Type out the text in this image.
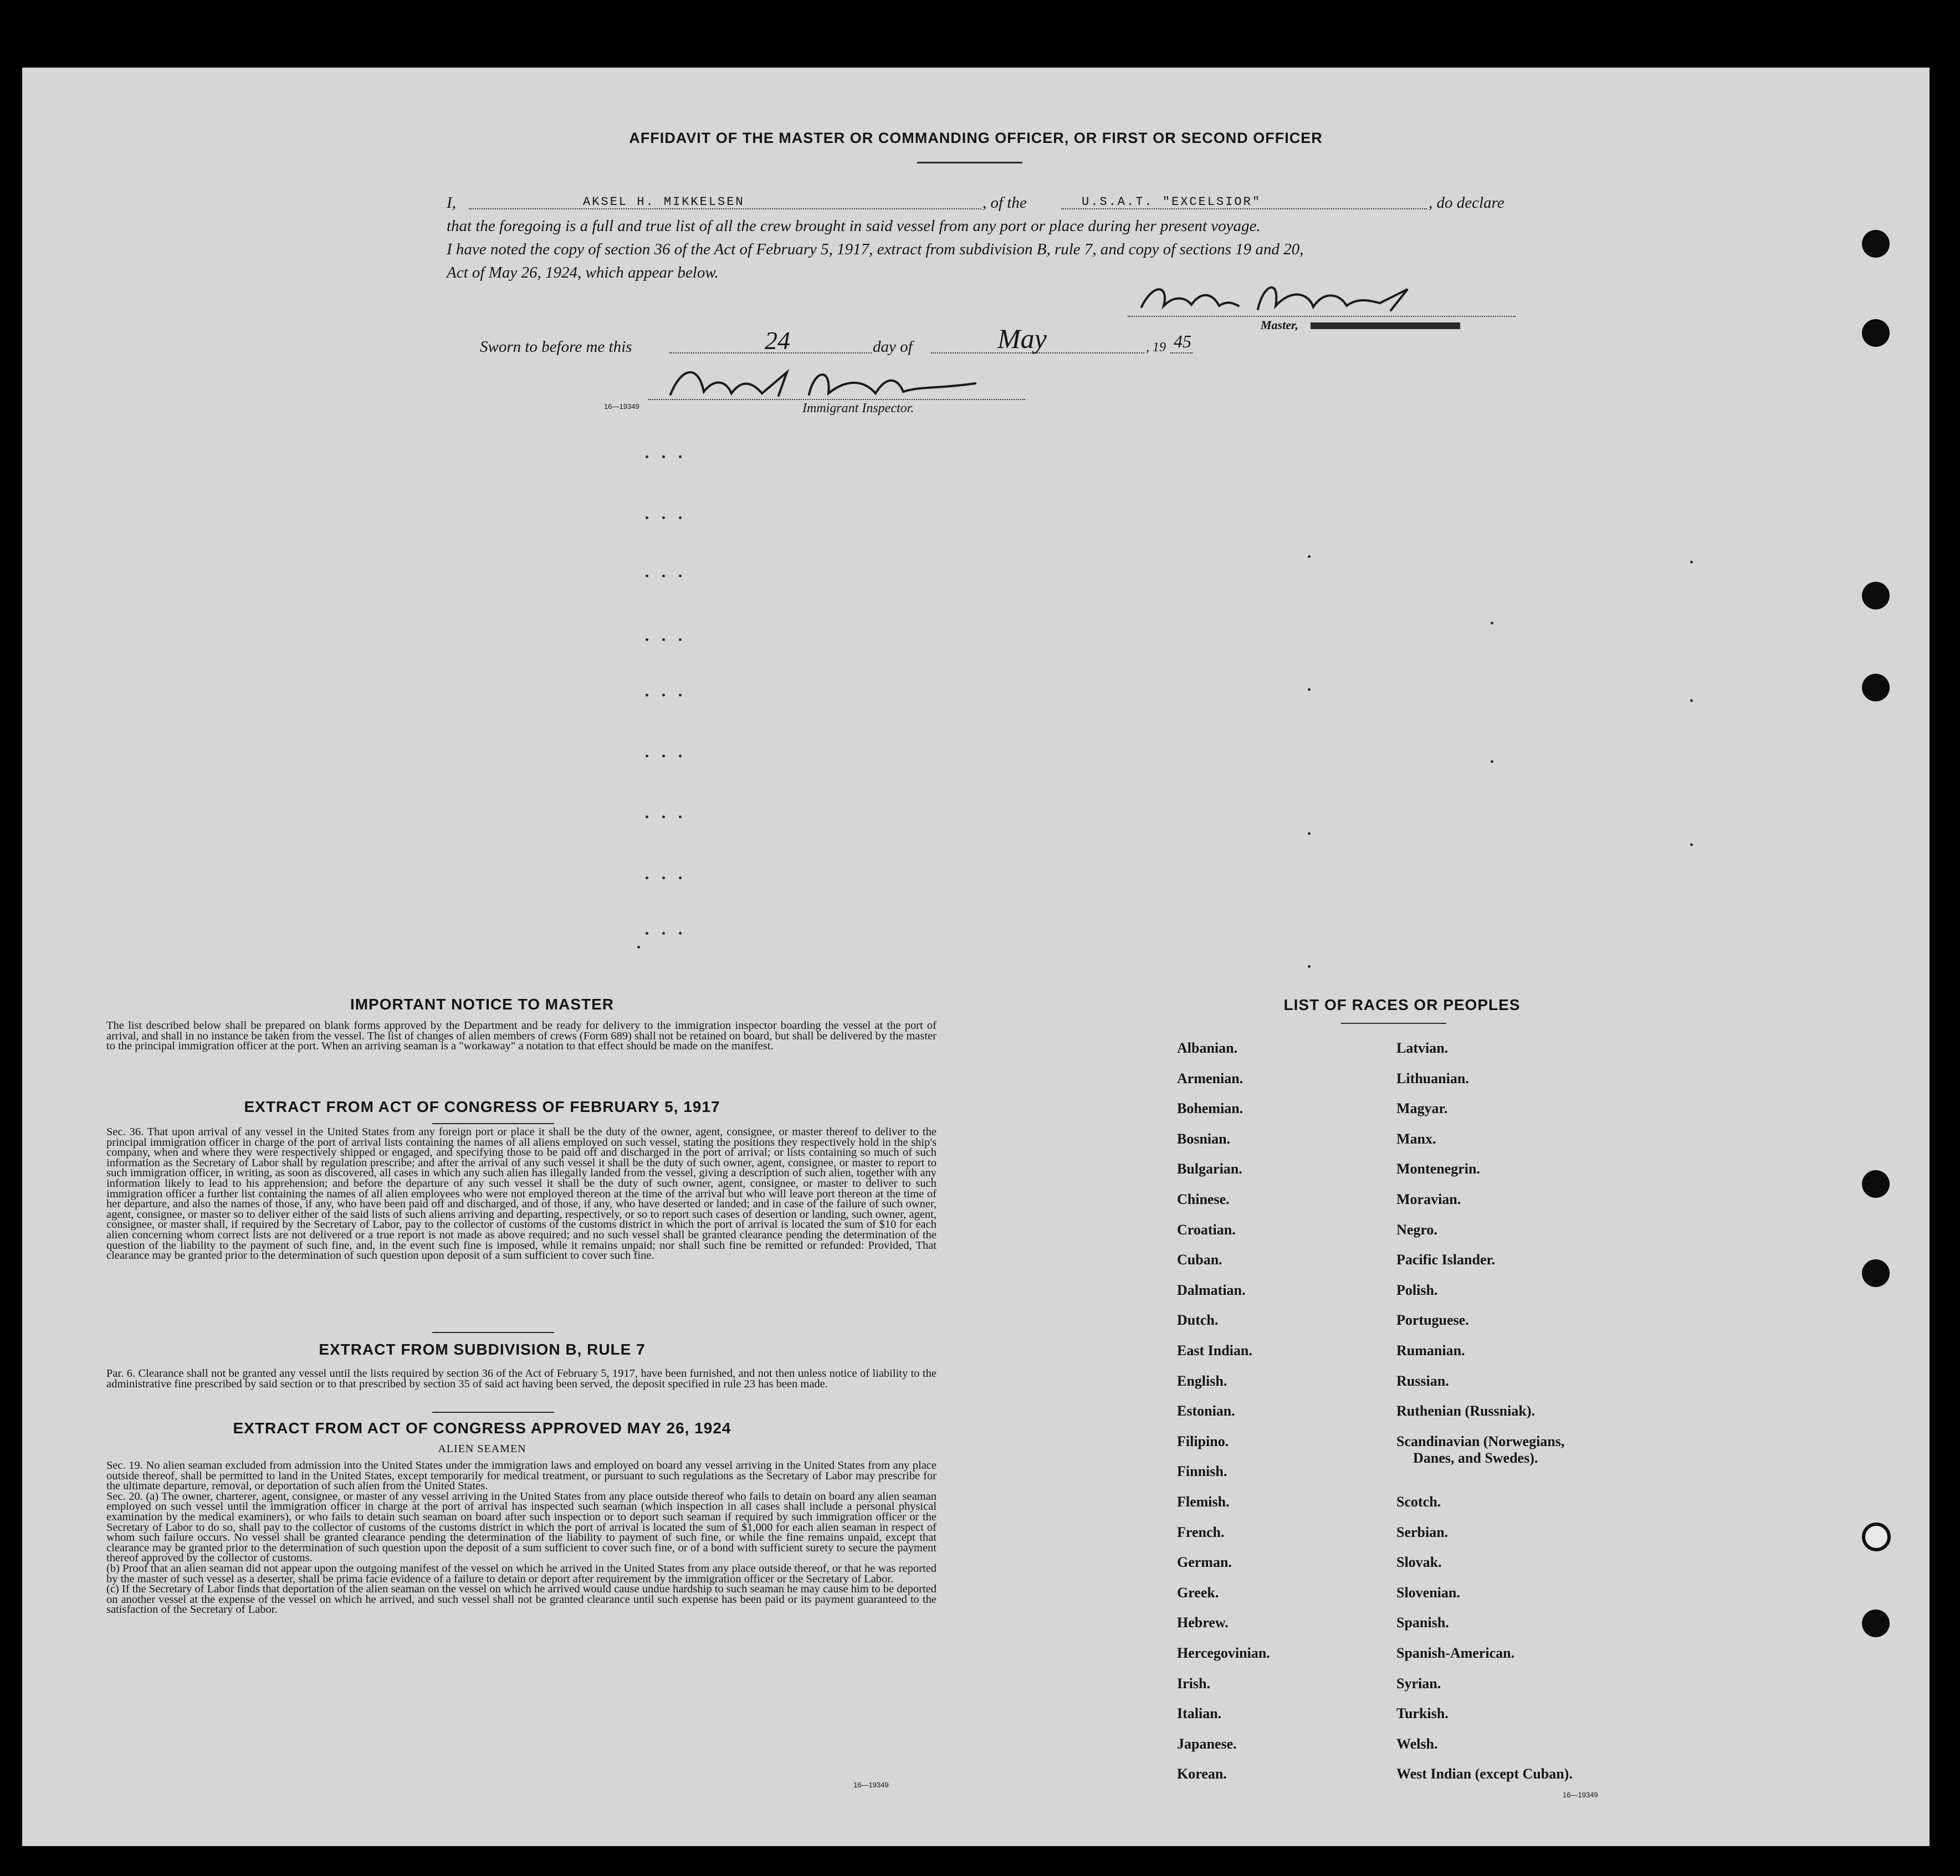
AFFIDAVIT OF THE MASTER OR COMMANDING OFFICER, OR FIRST OR SECOND OFFICER
I,	AKSEL H. MIKKELSEN	, of the	U.S.A.T. "EXCELSIOR"	, do declare
that the foregoing is a full and true list of all the crew brought in said vessel from any port or place during her present voyage.
I have noted the copy of section 36 of the Act of February 5, 1917, extract from subdivision B, rule 7, and copy of sections 19 and 20,
Act of May 26, 1924, which appear below.
Master,
Sworn to before me this	24	day of	May	, 19 45
16—19349	Immigrant Inspector.
IMPORTANT NOTICE TO MASTER
The list described below shall be prepared on blank forms approved by the Department and be ready for delivery to the immigration inspector boarding the vessel at the port of arrival, and shall in no instance be taken from the vessel. The list of changes of alien members of crews (Form 689) shall not be retained on board, but shall be delivered by the master to the principal immigration officer at the port. When an arriving seaman is a "workaway" a notation to that effect should be made on the manifest.
EXTRACT FROM ACT OF CONGRESS OF FEBRUARY 5, 1917
Sec. 36. That upon arrival of any vessel in the United States from any foreign port or place it shall be the duty of the owner, agent, consignee, or master thereof to deliver to the principal immigration officer in charge of the port of arrival lists containing the names of all aliens employed on such vessel, stating the positions they respectively hold in the ship's company, when and where they were respectively shipped or engaged, and specifying those to be paid off and discharged in the port of arrival; or lists containing so much of such information as the Secretary of Labor shall by regulation prescribe; and after the arrival of any such vessel it shall be the duty of such owner, agent, consignee, or master to report to such immigration officer, in writing, as soon as discovered, all cases in which any such alien has illegally landed from the vessel, giving a description of such alien, together with any information likely to lead to his apprehension; and before the departure of any such vessel it shall be the duty of such owner, agent, consignee, or master to deliver to such immigration officer a further list containing the names of all alien employees who were not employed thereon at the time of the arrival but who will leave port thereon at the time of her departure, and also the names of those, if any, who have been paid off and discharged, and of those, if any, who have deserted or landed; and in case of the failure of such owner, agent, consignee, or master so to deliver either of the said lists of such aliens arriving and departing, respectively, or so to report such cases of desertion or landing, such owner, agent, consignee, or master shall, if required by the Secretary of Labor, pay to the collector of customs of the customs district in which the port of arrival is located the sum of $10 for each alien concerning whom correct lists are not delivered or a true report is not made as above required; and no such vessel shall be granted clearance pending the determination of the question of the liability to the payment of such fine, and, in the event such fine is imposed, while it remains unpaid; nor shall such fine be remitted or refunded: Provided, That clearance may be granted prior to the determination of such question upon deposit of a sum sufficient to cover such fine.
EXTRACT FROM SUBDIVISION B, RULE 7
Par. 6. Clearance shall not be granted any vessel until the lists required by section 36 of the Act of February 5, 1917, have been furnished, and not then unless notice of liability to the administrative fine prescribed by said section or to that prescribed by section 35 of said act having been served, the deposit specified in rule 23 has been made.
EXTRACT FROM ACT OF CONGRESS APPROVED MAY 26, 1924
ALIEN SEAMEN
Sec. 19. No alien seaman excluded from admission into the United States under the immigration laws and employed on board any vessel arriving in the United States from any place outside thereof, shall be permitted to land in the United States, except temporarily for medical treatment, or pursuant to such regulations as the Secretary of Labor may prescribe for the ultimate departure, removal, or deportation of such alien from the United States.
Sec. 20. (a) The owner, charterer, agent, consignee, or master of any vessel arriving in the United States from any place outside thereof who fails to detain on board any alien seaman employed on such vessel until the immigration officer in charge at the port of arrival has inspected such seaman (which inspection in all cases shall include a personal physical examination by the medical examiners), or who fails to detain such seaman on board after such inspection or to deport such seaman if required by such immigration officer or the Secretary of Labor to do so, shall pay to the collector of customs of the customs district in which the port of arrival is located the sum of $1,000 for each alien seaman in respect of whom such failure occurs. No vessel shall be granted clearance pending the determination of the liability to payment of such fine, or while the fine remains unpaid, except that clearance may be granted prior to the determination of such question upon the deposit of a sum sufficient to cover such fine, or of a bond with sufficient surety to secure the payment thereof approved by the collector of customs.
(b) Proof that an alien seaman did not appear upon the outgoing manifest of the vessel on which he arrived in the United States from any place outside thereof, or that he was reported by the master of such vessel as a deserter, shall be prima facie evidence of a failure to detain or deport after requirement by the immigration officer or the Secretary of Labor.
(c) If the Secretary of Labor finds that deportation of the alien seaman on the vessel on which he arrived would cause undue hardship to such seaman he may cause him to be deported on another vessel at the expense of the vessel on which he arrived, and such vessel shall not be granted clearance until such expense has been paid or its payment guaranteed to the satisfaction of the Secretary of Labor.
16—19349
LIST OF RACES OR PEOPLES
Albanian.
Armenian.
Bohemian.
Bosnian.
Bulgarian.
Chinese.
Croatian.
Cuban.
Dalmatian.
Dutch.
East Indian.
English.
Estonian.
Filipino.
Finnish.
Flemish.
French.
German.
Greek.
Hebrew.
Hercegovinian.
Irish.
Italian.
Japanese.
Korean.
Latvian.
Lithuanian.
Magyar.
Manx.
Montenegrin.
Moravian.
Negro.
Pacific Islander.
Polish.
Portuguese.
Rumanian.
Russian.
Ruthenian (Russniak).
Scandinavian (Norwegians,
Danes, and Swedes).
Scotch.
Serbian.
Slovak.
Slovenian.
Spanish.
Spanish-American.
Syrian.
Turkish.
Welsh.
West Indian (except Cuban).
16—19349
